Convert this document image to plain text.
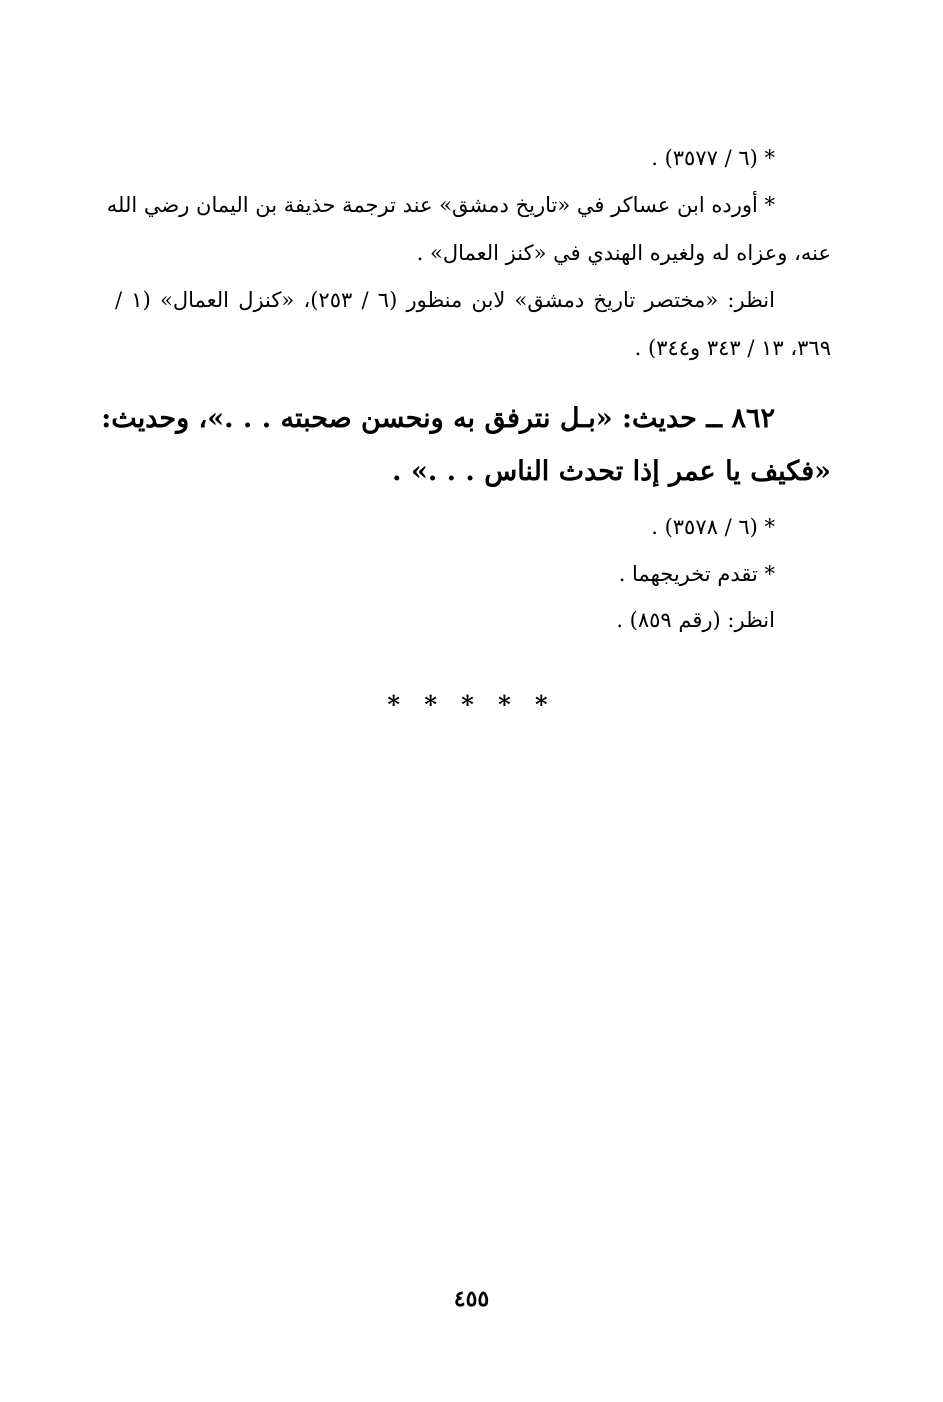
* (٦ / ٣٥٧٧) .
* أورده ابن عساكر في «تاريخ دمشق» عند ترجمة حذيفة بن اليمان رضي الله
عنه، وعزاه له ولغيره الهندي في «كنز العمال» .
انظر: «مختصر تاريخ دمشق» لابن منظور (٦ / ٢٥٣)، «كنزل العمال» (١ /
٣٦٩، ١٣ / ٣٤٣ و٣٤٤) .
٨٦٢ ــ حديث: «بـل نترفق به ونحسن صحبته . . .»، وحديث:
«فكيف يا عمر إذا تحدث الناس . . .» .
* (٦ / ٣٥٧٨) .
* تقدم تخريجهما .
انظر: (رقم ٨٥٩) .
* * * * *
٤٥٥
